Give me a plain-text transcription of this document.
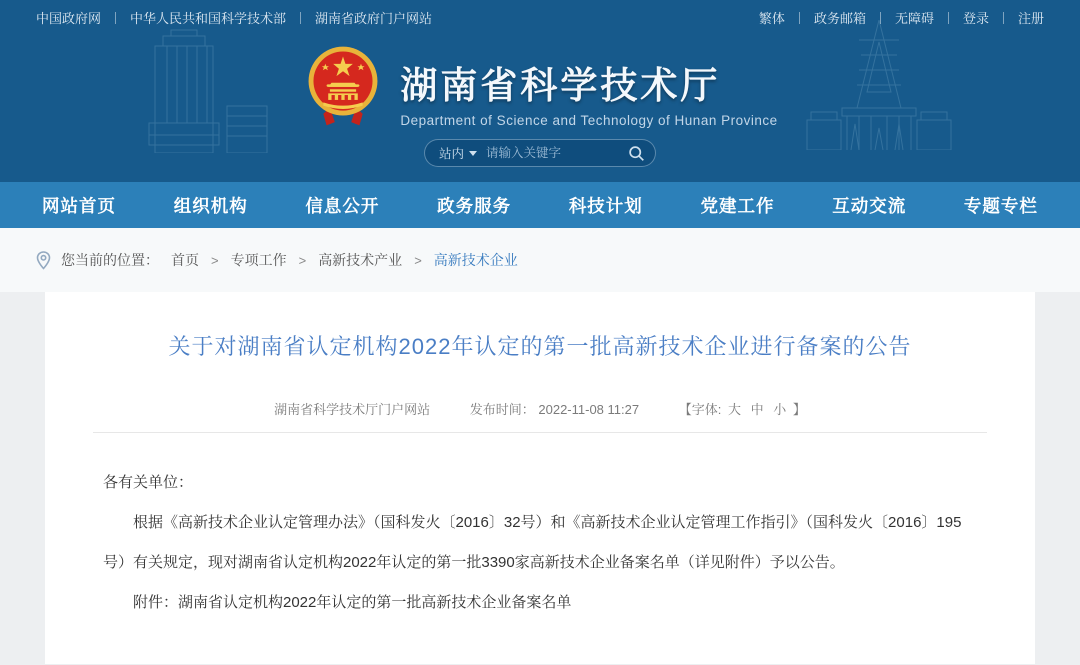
中国政府网 中华人民共和国科学技术部 湖南省政府门户网站	繁体 政务邮箱 无障碍 登录 注册
湖南省科学技术厅
Department of Science and Technology of Hunan Province
站内
请输入关键字
网站首页	组织机构	信息公开	政务服务	科技计划	党建工作	互动交流	专题专栏
您当前的位置： 首页 > 专项工作 > 高新技术产业 > 高新技术企业
关于对湖南省认定机构2022年认定的第一批高新技术企业进行备案的公告
湖南省科学技术厅门户网站	发布时间： 2022-11-08 11:27	【字体: 大 中 小 】

各有关单位：

根据《高新技术企业认定管理办法》（国科发火〔2016〕32号）和《高新技术企业认定管理工作指引》（国科发火〔2016〕195号）有关规定，现对湖南省认定机构2022年认定的第一批3390家高新技术企业备案名单（详见附件）予以公告。

附件：湖南省认定机构2022年认定的第一批高新技术企业备案名单
